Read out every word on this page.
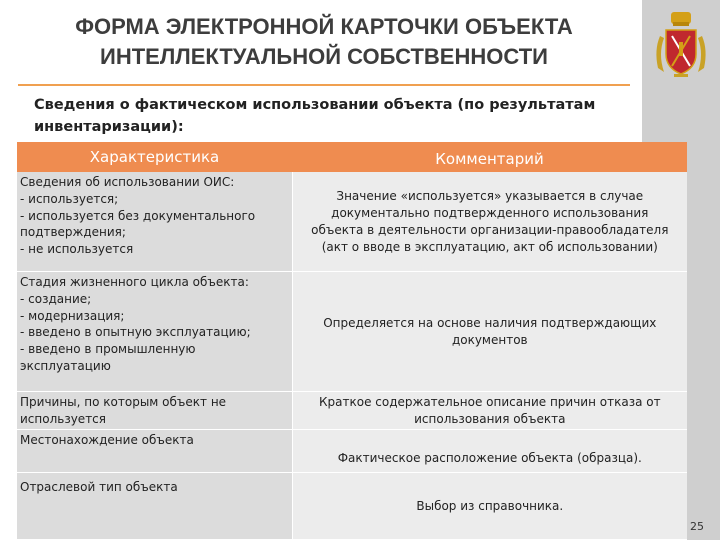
ФОРМА ЭЛЕКТРОННОЙ КАРТОЧКИ ОБЪЕКТА ИНТЕЛЛЕКТУАЛЬНОЙ СОБСТВЕННОСТИ

Сведения о фактическом использовании объекта (по результатам инвентаризации):

Характеристика	Комментарий
Сведения об использовании ОИС:
- используется;
- используется без документального подтверждения;
- не используется
Значение «используется» указывается в случае документально подтвержденного использования объекта в деятельности организации-правообладателя (акт о вводе в эксплуатацию, акт об использовании)
Стадия жизненного цикла объекта:
- создание;
- модернизация;
- введено в опытную эксплуатацию;
- введено в промышленную эксплуатацию
Определяется на основе наличия подтверждающих документов
Причины, по которым объект не используется
Краткое содержательное описание причин отказа от использования объекта
Местонахождение объекта
Фактическое расположение объекта (образца).
Отраслевой тип объекта
Выбор из справочника.
25
